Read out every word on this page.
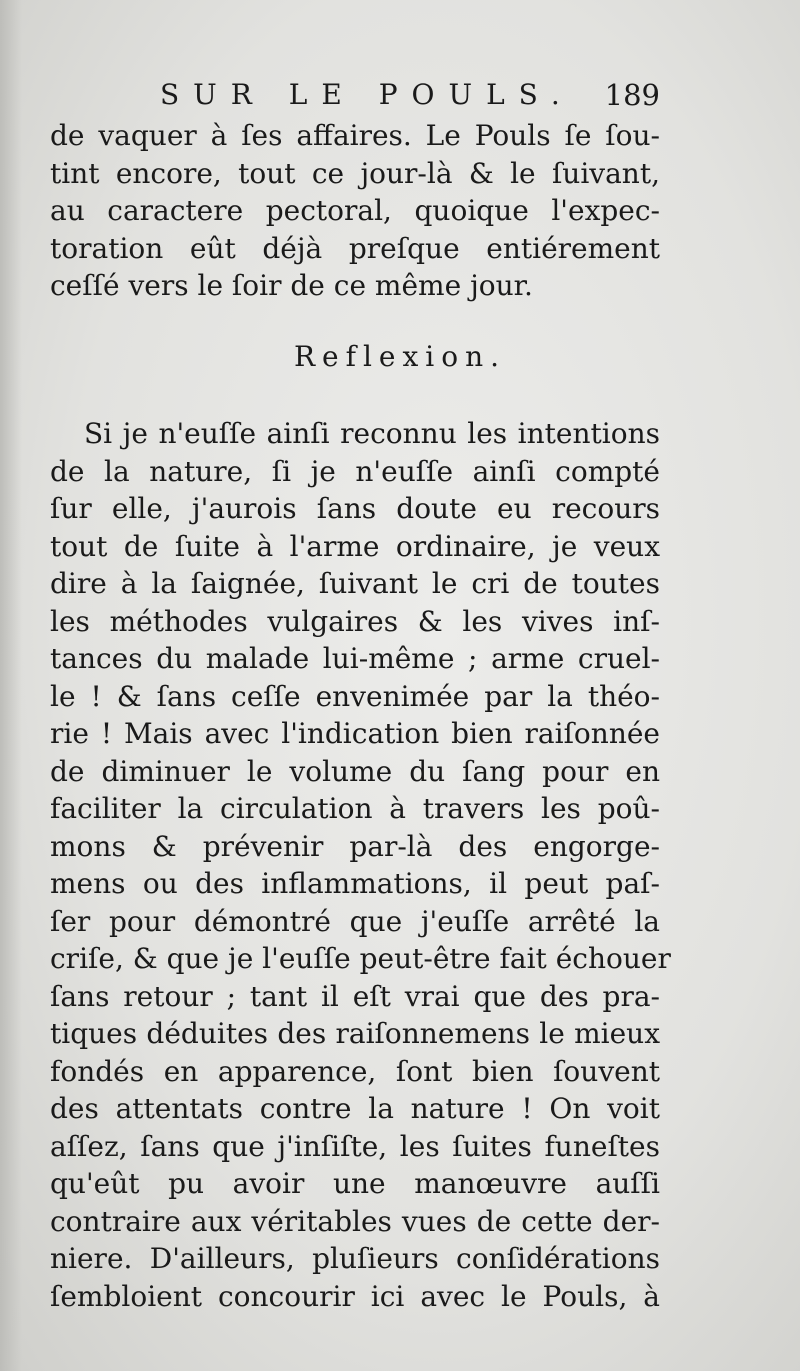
SUR LE POULS. 189
de vaquer à ſes affaires. Le Pouls ſe ſou-
tint encore, tout ce jour-là & le ſuivant,
au caractere pectoral, quoique l'expec-
toration eût déjà preſque entiérement
ceſſé vers le ſoir de ce même jour.
Reflexion.
Si je n'euſſe ainſi reconnu les intentions
de la nature, ſi je n'euſſe ainſi compté
ſur elle, j'aurois ſans doute eu recours
tout de ſuite à l'arme ordinaire, je veux
dire à la ſaignée, ſuivant le cri de toutes
les méthodes vulgaires & les vives inſ-
tances du malade lui-même ; arme cruel-
le ! & ſans ceſſe envenimée par la théo-
rie ! Mais avec l'indication bien raiſonnée
de diminuer le volume du ſang pour en
faciliter la circulation à travers les poû-
mons & prévenir par-là des engorge-
mens ou des inflammations, il peut paſ-
ſer pour démontré que j'euſſe arrêté la
criſe, & que je l'euſſe peut-être fait échouer
ſans retour ; tant il eſt vrai que des pra-
tiques déduites des raiſonnemens le mieux
fondés en apparence, ſont bien ſouvent
des attentats contre la nature ! On voit
aſſez, ſans que j'inſiſte, les ſuites funeſtes
qu'eût pu avoir une manœuvre auſſi
contraire aux véritables vues de cette der-
niere. D'ailleurs, pluſieurs conſidérations
ſembloient concourir ici avec le Pouls, à
